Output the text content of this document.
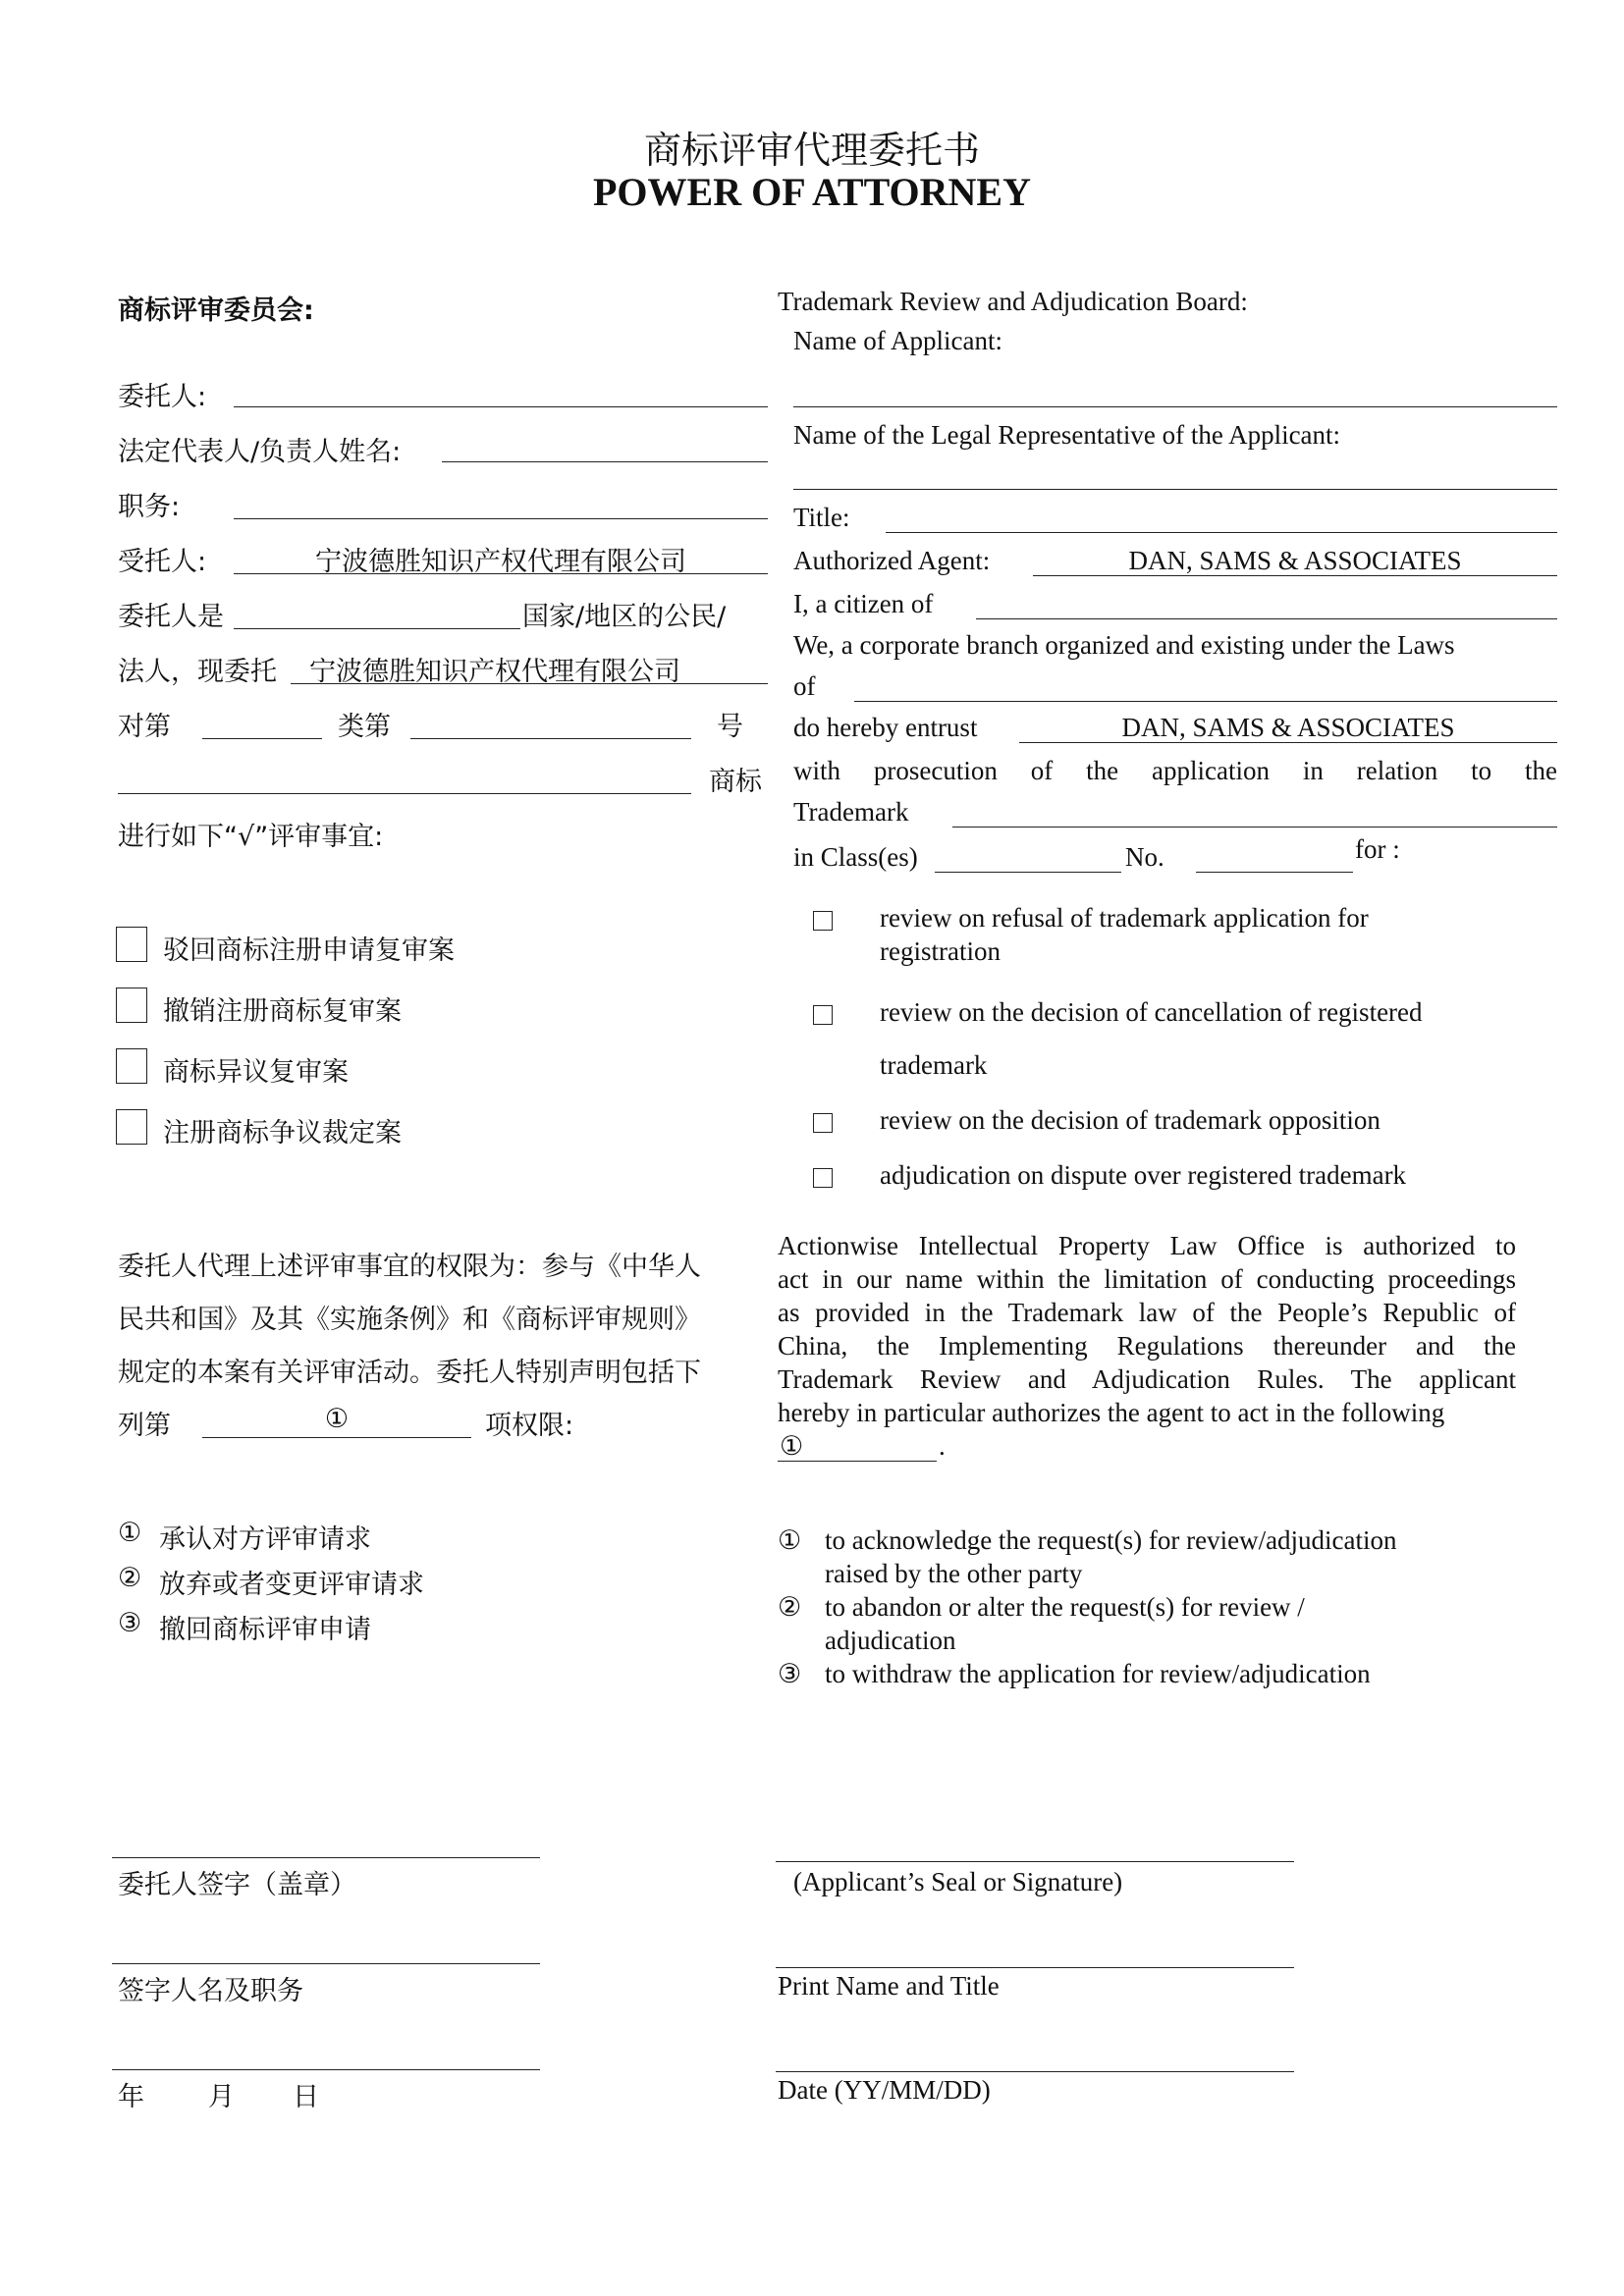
商标评审代理委托书
POWER OF ATTORNEY
商标评审委员会:
委托人:
法定代表人/负责人姓名:
职务:
受托人:	宁波德胜知识产权代理有限公司
委托人是	国家/地区的公民/
法人，现委托	宁波德胜知识产权代理有限公司
对第	类第	号
商标
进行如下“√”评审事宜:
驳回商标注册申请复审案
撤销注册商标复审案
商标异议复审案
注册商标争议裁定案
委托人代理上述评审事宜的权限为：参与《中华人
民共和国》及其《实施条例》和《商标评审规则》
规定的本案有关评审活动。委托人特别声明包括下
列第	①	项权限:
① 承认对方评审请求
② 放弃或者变更评审请求
③ 撤回商标评审申请
委托人签字（盖章）
签字人名及职务
年 月 日
Trademark Review and Adjudication Board:
Name of Applicant:
Name of the Legal Representative of the Applicant:
Title:
Authorized Agent:	DAN, SAMS & ASSOCIATES
I, a citizen of
We, a corporate branch organized and existing under the Laws
of
do hereby entrust	DAN, SAMS & ASSOCIATES
with prosecution of the application in relation to the
Trademark
in Class(es)	No.	for :
review on refusal of trademark application for
registration
review on the decision of cancellation of registered
trademark
review on the decision of trademark opposition
adjudication on dispute over registered trademark
Actionwise Intellectual Property Law Office is authorized to
act in our name within the limitation of conducting proceedings
as provided in the Trademark law of the People’s Republic of
China, the Implementing Regulations thereunder and the
Trademark Review and Adjudication Rules. The applicant
hereby in particular authorizes the agent to act in the following
①	.
① to acknowledge the request(s) for review/adjudication
raised by the other party
② to abandon or alter the request(s) for review /
adjudication
③ to withdraw the application for review/adjudication
(Applicant’s Seal or Signature)
Print Name and Title
Date (YY/MM/DD)
